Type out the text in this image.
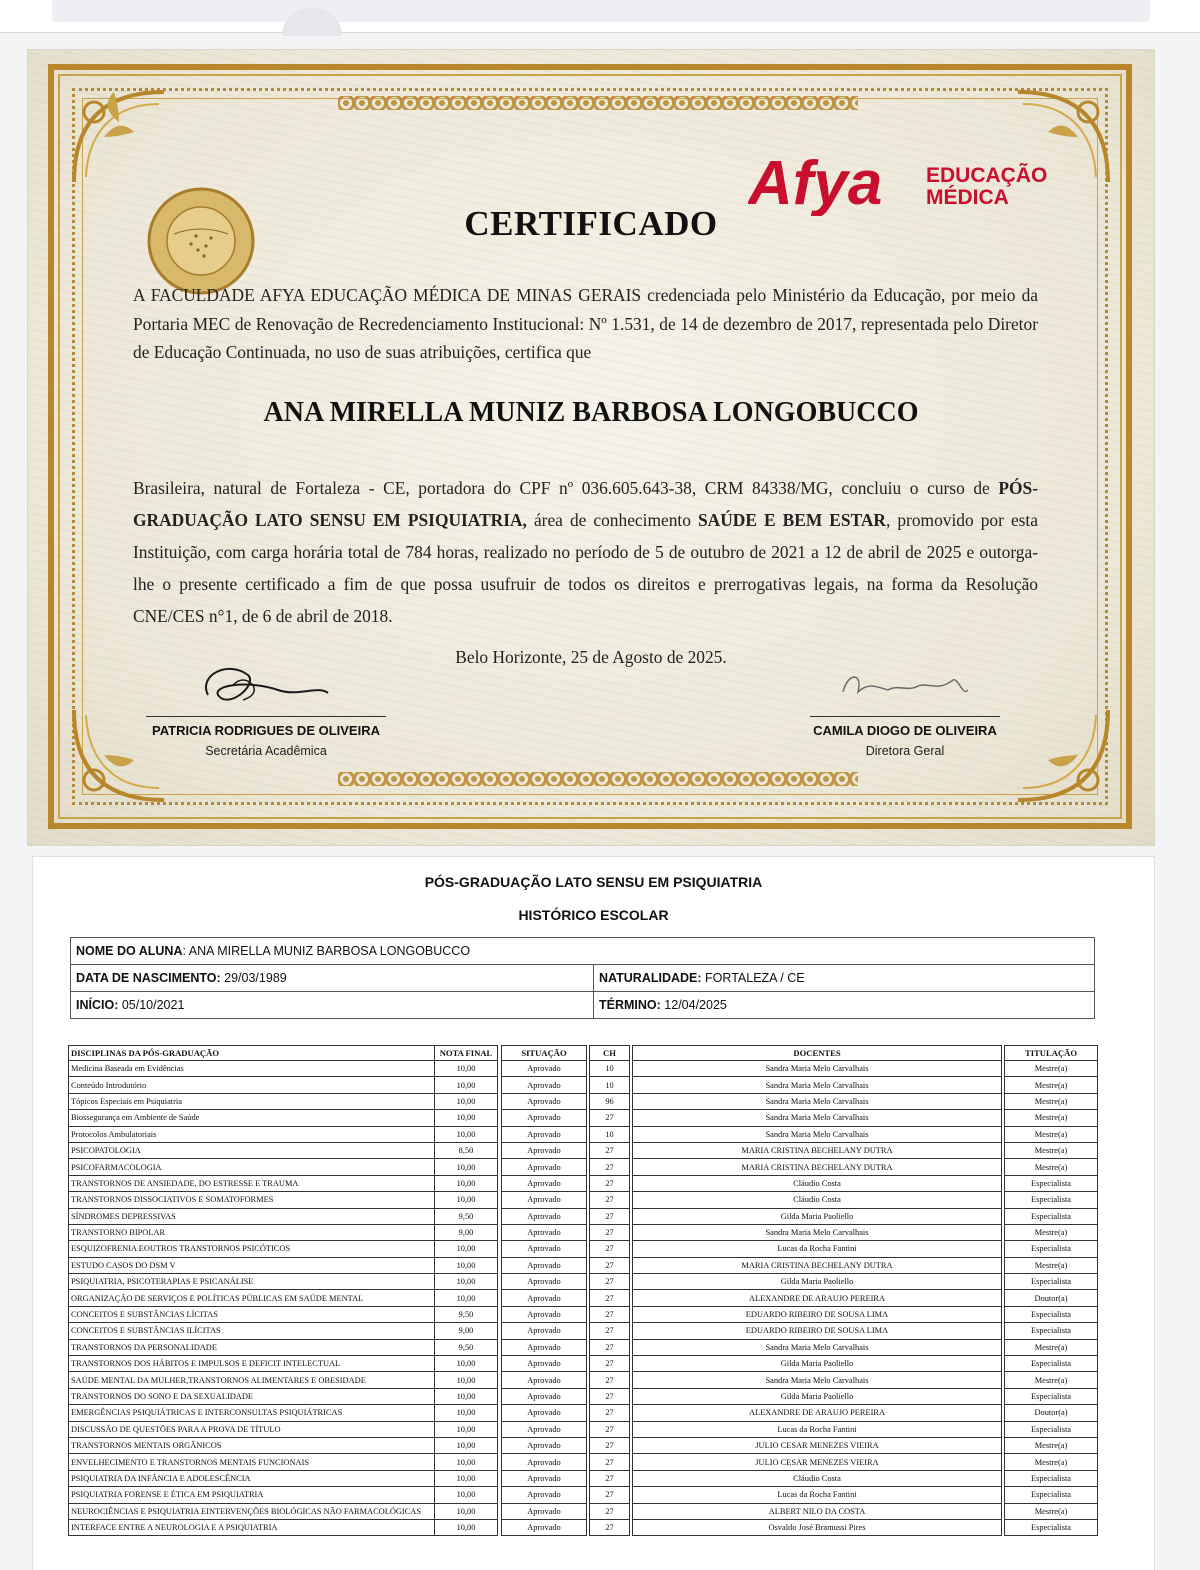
Afya EDUCAÇÃO
MÉDICA
CERTIFICADO
A FACULDADE AFYA EDUCAÇÃO MÉDICA DE MINAS GERAIS credenciada pelo Ministério da Educação, por meio da Portaria MEC de Renovação de Recredenciamento Institucional: Nº 1.531, de 14 de dezembro de 2017, representada pelo Diretor de Educação Continuada, no uso de suas atribuições, certifica que
ANA MIRELLA MUNIZ BARBOSA LONGOBUCCO
Brasileira, natural de Fortaleza - CE, portadora do CPF nº 036.605.643-38, CRM 84338/MG, concluiu o curso de PÓS-GRADUAÇÃO LATO SENSU EM PSIQUIATRIA, área de conhecimento SAÚDE E BEM ESTAR, promovido por esta Instituição, com carga horária total de 784 horas, realizado no período de 5 de outubro de 2021 a 12 de abril de 2025 e outorga-lhe o presente certificado a fim de que possa usufruir de todos os direitos e prerrogativas legais, na forma da Resolução CNE/CES n°1, de 6 de abril de 2018.
Belo Horizonte, 25 de Agosto de 2025.
PATRICIA RODRIGUES DE OLIVEIRA
Secretária Acadêmica
CAMILA DIOGO DE OLIVEIRA
Diretora Geral
PÓS-GRADUAÇÃO LATO SENSU EM PSIQUIATRIA
HISTÓRICO ESCOLAR
NOME DO ALUNA: ANA MIRELLA MUNIZ BARBOSA LONGOBUCCO	
DATA DE NASCIMENTO: 29/03/1989	NATURALIDADE: FORTALEZA / CE
INÍCIO: 05/10/2021	TÉRMINO: 12/04/2025
DISCIPLINAS DA PÓS-GRADUAÇÃO	NOTA FINAL		SITUAÇÃO		CH		DOCENTES		TITULAÇÃO
Medicina Baseada em Evidências	10,00		Aprovado		10		Sandra Maria Melo Carvalhais		Mestre(a)
Conteúdo Introdutório	10,00		Aprovado		10		Sandra Maria Melo Carvalhais		Mestre(a)
Tópicos Especiais em Psiquiatria	10,00		Aprovado		96		Sandra Maria Melo Carvalhais		Mestre(a)
Biossegurança em Ambiente de Saúde	10,00		Aprovado		27		Sandra Maria Melo Carvalhais		Mestre(a)
Protocolos Ambulatoriais	10,00		Aprovado		10		Sandra Maria Melo Carvalhais		Mestre(a)
PSICOPATOLOGIA	8,50		Aprovado		27		MARIA CRISTINA BECHELANY DUTRA		Mestre(a)
PSICOFARMACOLOGIA	10,00		Aprovado		27		MARIA CRISTINA BECHELANY DUTRA		Mestre(a)
TRANSTORNOS DE ANSIEDADE, DO ESTRESSE E TRAUMA	10,00		Aprovado		27		Cláudio Costa		Especialista
TRANSTORNOS DISSOCIATIVOS E SOMATOFORMES	10,00		Aprovado		27		Cláudio Costa		Especialista
SÍNDROMES DEPRESSIVAS	9,50		Aprovado		27		Gilda Maria Paoliello		Especialista
TRANSTORNO BIPOLAR	9,00		Aprovado		27		Sandra Maria Melo Carvalhais		Mestre(a)
ESQUIZOFRENIA EOUTROS TRANSTORNOS PSICÓTICOS	10,00		Aprovado		27		Lucas da Rocha Fantini		Especialista
ESTUDO CASOS DO DSM V	10,00		Aprovado		27		MARIA CRISTINA BECHELANY DUTRA		Mestre(a)
PSIQUIATRIA, PSICOTERAPIAS E PSICANÁLISE	10,00		Aprovado		27		Gilda Maria Paoliello		Especialista
ORGANIZAÇÃO DE SERVIÇOS E POLÍTICAS PÚBLICAS EM SAÚDE MENTAL	10,00		Aprovado		27		ALEXANDRE DE ARAUJO PEREIRA		Doutor(a)
CONCEITOS E SUBSTÂNCIAS LÍCITAS	9,50		Aprovado		27		EDUARDO RIBEIRO DE SOUSA LIMA		Especialista
CONCEITOS E SUBSTÂNCIAS ILÍCITAS	9,00		Aprovado		27		EDUARDO RIBEIRO DE SOUSA LIMA		Especialista
TRANSTORNOS DA PERSONALIDADE	9,50		Aprovado		27		Sandra Maria Melo Carvalhais		Mestre(a)
TRANSTORNOS DOS HÁBITOS E IMPULSOS E DEFICIT INTELECTUAL	10,00		Aprovado		27		Gilda Maria Paoliello		Especialista
SAÚDE MENTAL DA MULHER,TRANSTORNOS ALIMENTARES E OBESIDADE	10,00		Aprovado		27		Sandra Maria Melo Carvalhais		Mestre(a)
TRANSTORNOS DO SONO E DA SEXUALIDADE	10,00		Aprovado		27		Gilda Maria Paoliello		Especialista
EMERGÊNCIAS PSIQUIÁTRICAS E INTERCONSULTAS PSIQUIÁTRICAS	10,00		Aprovado		27		ALEXANDRE DE ARAUJO PEREIRA		Doutor(a)
DISCUSSÃO DE QUESTÕES PARA A PROVA DE TÍTULO	10,00		Aprovado		27		Lucas da Rocha Fantini		Especialista
TRANSTORNOS MENTAIS ORGÂNICOS	10,00		Aprovado		27		JULIO CESAR MENEZES VIEIRA		Mestre(a)
ENVELHECIMENTO E TRANSTORNOS MENTAIS FUNCIONAIS	10,00		Aprovado		27		JULIO CESAR MENEZES VIEIRA		Mestre(a)
PSIQUIATRIA DA INFÂNCIA E ADOLESCÊNCIA	10,00		Aprovado		27		Cláudio Costa		Especialista
PSIQUIATRIA FORENSE E ÉTICA EM PSIQUIATRIA	10,00		Aprovado		27		Lucas da Rocha Fantini		Especialista
NEUROCIÊNCIAS E PSIQUIATRIA EINTERVENÇÕES BIOLÓGICAS NÃO FARMACOLÓGICAS	10,00		Aprovado		27		ALBERT NILO DA COSTA		Mestre(a)
INTERFACE ENTRE A NEUROLOGIA E A PSIQUIATRIA	10,00		Aprovado		27		Osvaldo José Bramussi Pires		Especialista
